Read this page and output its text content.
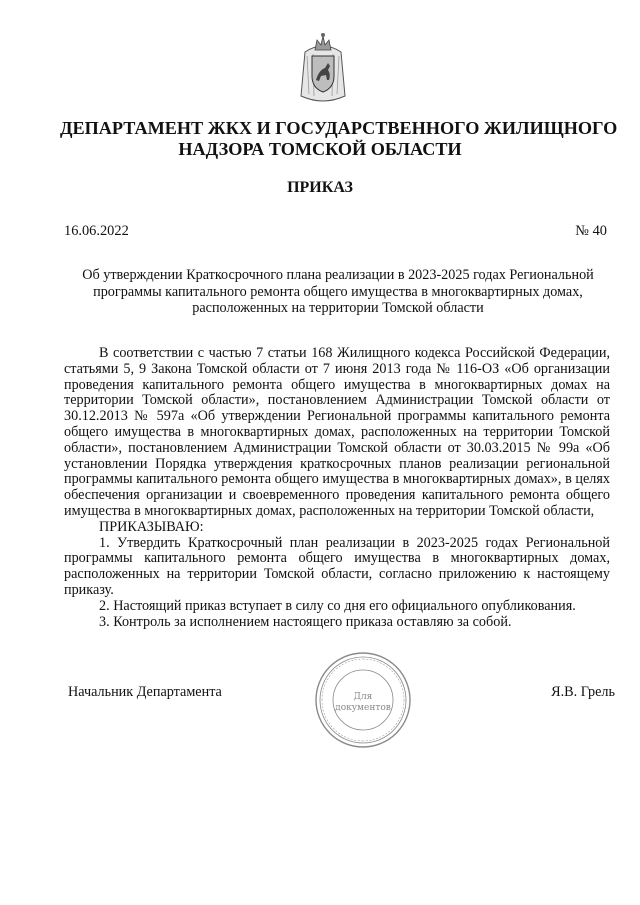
ДЕПАРТАМЕНТ ЖКХ И ГОСУДАРСТВЕННОГО ЖИЛИЩНОГО
НАДЗОРА ТОМСКОЙ ОБЛАСТИ
ПРИКАЗ
16.06.2022	№ 40
Об утверждении Краткосрочного плана реализации в 2023-2025 годах Региональной
программы капитального ремонта общего имущества в многоквартирных домах,
расположенных на территории Томской области

В соответствии с частью 7 статьи 168 Жилищного кодекса Российской Федерации, статьями 5, 9 Закона Томской области от 7 июня 2013 года № 116-ОЗ «Об организации проведения капитального ремонта общего имущества в многоквартирных домах на территории Томской области», постановлением Администрации Томской области от 30.12.2013 № 597а «Об утверждении Региональной программы капитального ремонта общего имущества в многоквартирных домах, расположенных на территории Томской области», постановлением Администрации Томской области от 30.03.2015 № 99а «Об установлении Порядка утверждения краткосрочных планов реализации региональной программы капитального ремонта общего имущества в многоквартирных домах», в целях обеспечения организации и своевременного проведения капитального ремонта общего имущества в многоквартирных домах, расположенных на территории Томской области,

ПРИКАЗЫВАЮ:

1. Утвердить Краткосрочный план реализации в 2023-2025 годах Региональной программы капитального ремонта общего имущества в многоквартирных домах, расположенных на территории Томской области, согласно приложению к настоящему приказу.

2. Настоящий приказ вступает в силу со дня его официального опубликования.

3. Контроль за исполнением настоящего приказа оставляю за собой.

Для
документов
Начальник Департамента	Я.В. Грель
